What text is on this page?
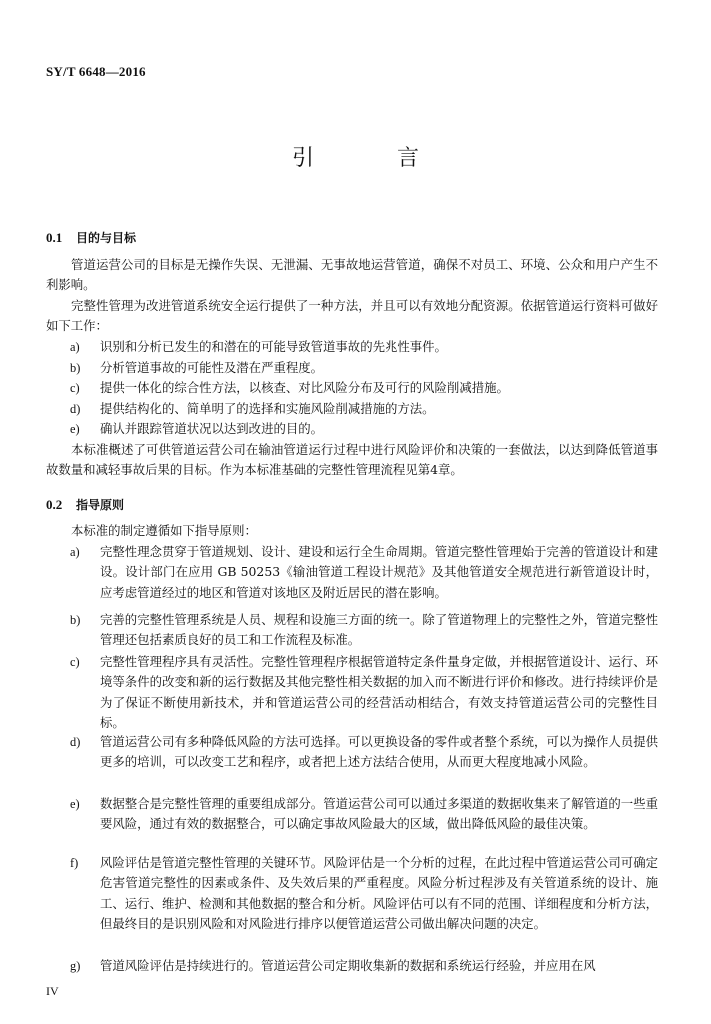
SY/T 6648—2016
引 言
0.1 目的与目标

管道运营公司的目标是无操作失误、无泄漏、无事故地运营管道，确保不对员工、环境、公众和用户产生不利影响。

完整性管理为改进管道系统安全运行提供了一种方法，并且可以有效地分配资源。依据管道运行资料可做好如下工作：

a)	识别和分析已发生的和潜在的可能导致管道事故的先兆性事件。
b)	分析管道事故的可能性及潜在严重程度。
c)	提供一体化的综合性方法，以核查、对比风险分布及可行的风险削减措施。
d)	提供结构化的、简单明了的选择和实施风险削减措施的方法。
e)	确认并跟踪管道状况以达到改进的目的。

本标准概述了可供管道运营公司在输油管道运行过程中进行风险评价和决策的一套做法，以达到降低管道事故数量和减轻事故后果的目标。作为本标准基础的完整性管理流程见第4章。

0.2 指导原则

本标准的制定遵循如下指导原则：

a)	完整性理念贯穿于管道规划、设计、建设和运行全生命周期。管道完整性管理始于完善的管道设计和建设。设计部门在应用 GB 50253《输油管道工程设计规范》及其他管道安全规范进行新管道设计时，应考虑管道经过的地区和管道对该地区及附近居民的潜在影响。
b)	完善的完整性管理系统是人员、规程和设施三方面的统一。除了管道物理上的完整性之外，管道完整性管理还包括素质良好的员工和工作流程及标准。
c)	完整性管理程序具有灵活性。完整性管理程序根据管道特定条件量身定做，并根据管道设计、运行、环境等条件的改变和新的运行数据及其他完整性相关数据的加入而不断进行评价和修改。进行持续评价是为了保证不断使用新技术，并和管道运营公司的经营活动相结合，有效支持管道运营公司的完整性目标。
d)	管道运营公司有多种降低风险的方法可选择。可以更换设备的零件或者整个系统，可以为操作人员提供更多的培训，可以改变工艺和程序，或者把上述方法结合使用，从而更大程度地减小风险。
e)	数据整合是完整性管理的重要组成部分。管道运营公司可以通过多渠道的数据收集来了解管道的一些重要风险，通过有效的数据整合，可以确定事故风险最大的区域，做出降低风险的最佳决策。
f)	风险评估是管道完整性管理的关键环节。风险评估是一个分析的过程，在此过程中管道运营公司可确定危害管道完整性的因素或条件、及失效后果的严重程度。风险分析过程涉及有关管道系统的设计、施工、运行、维护、检测和其他数据的整合和分析。风险评估可以有不同的范围、详细程度和分析方法，但最终目的是识别风险和对风险进行排序以便管道运营公司做出解决问题的决定。
g)	管道风险评估是持续进行的。管道运营公司定期收集新的数据和系统运行经验，并应用在风
IV
